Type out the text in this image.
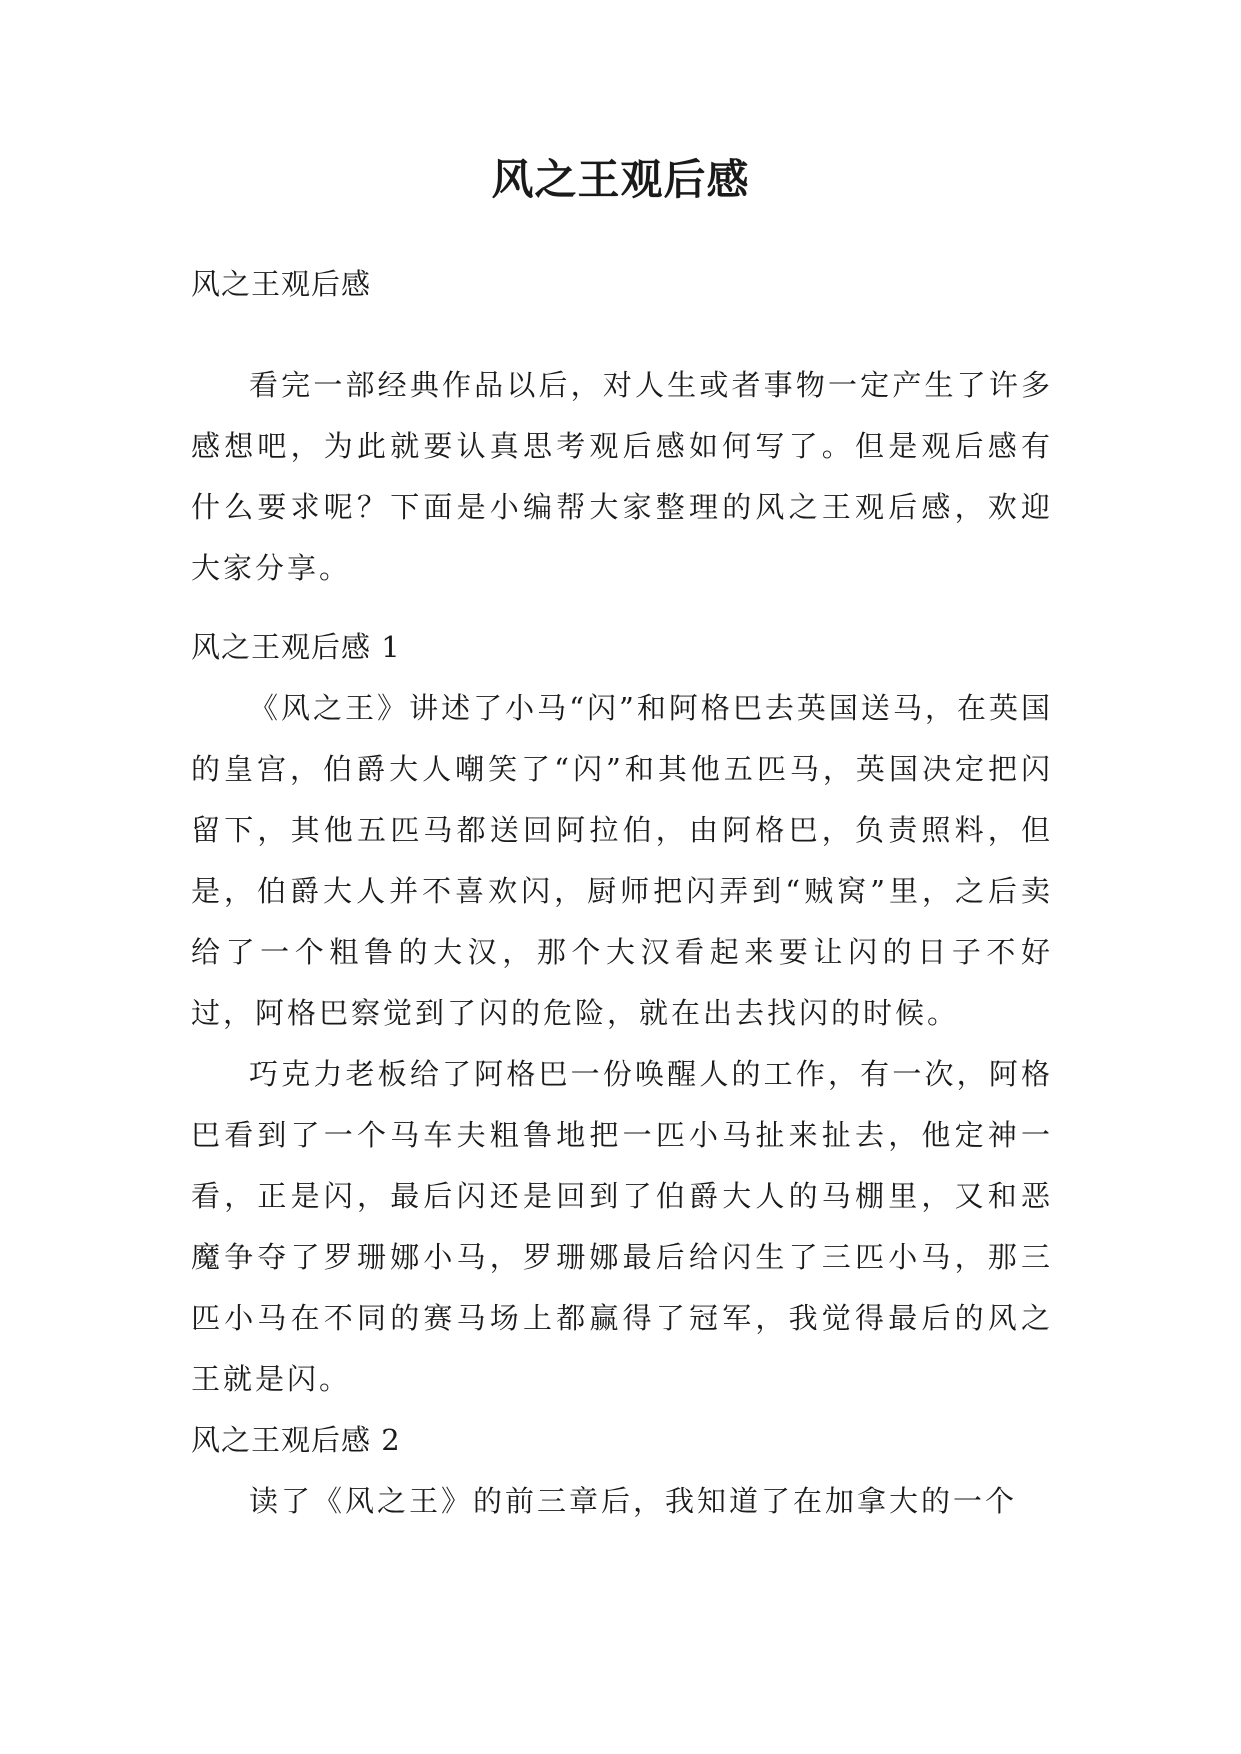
风之王观后感
风之王观后感

看完一部经典作品以后，对人生或者事物一定产生了许多感想吧，为此就要认真思考观后感如何写了。但是观后感有什么要求呢？下面是小编帮大家整理的风之王观后感，欢迎大家分享。

风之王观后感 1

《风之王》讲述了小马“闪”和阿格巴去英国送马，在英国的皇宫，伯爵大人嘲笑了“闪”和其他五匹马，英国决定把闪留下，其他五匹马都送回阿拉伯，由阿格巴，负责照料，但是，伯爵大人并不喜欢闪，厨师把闪弄到“贼窝”里，之后卖给了一个粗鲁的大汉，那个大汉看起来要让闪的日子不好过，阿格巴察觉到了闪的危险，就在出去找闪的时候。

巧克力老板给了阿格巴一份唤醒人的工作，有一次，阿格巴看到了一个马车夫粗鲁地把一匹小马扯来扯去，他定神一看，正是闪，最后闪还是回到了伯爵大人的马棚里，又和恶魔争夺了罗珊娜小马，罗珊娜最后给闪生了三匹小马，那三匹小马在不同的赛马场上都赢得了冠军，我觉得最后的风之王就是闪。

风之王观后感 2

读了《风之王》的前三章后，我知道了在加拿大的一个
